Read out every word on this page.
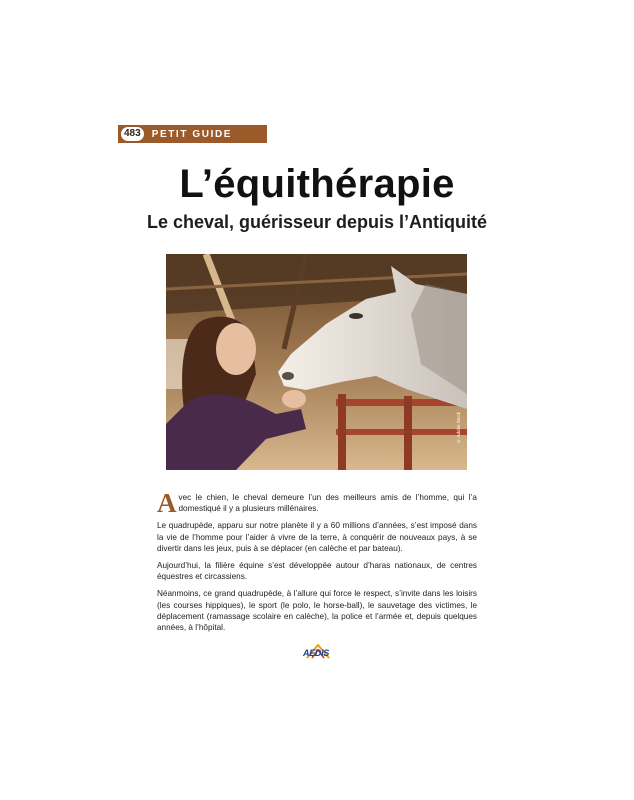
483	PETIT GUIDE
L’équithérapie
Le cheval, guérisseur depuis l’Antiquité
© Adobe Stock

Avec le chien, le cheval demeure l’un des meilleurs amis de l’homme, qui l’a domestiqué il y a plusieurs millénaires.

Le quadrupède, apparu sur notre planète il y a 60 millions d’années, s’est imposé dans la vie de l’homme pour l’aider à vivre de la terre, à conquérir de nouveaux pays, à se divertir dans les jeux, puis à se déplacer (en calèche et par bateau).

Aujourd’hui, la filière équine s’est développée autour d’haras nationaux, de centres équestres et circassiens.

Néanmoins, ce grand quadrupède, à l’allure qui force le respect, s’invite dans les loisirs (les courses hippiques), le sport (le polo, le horse-ball), le sauvetage des victimes, le déplacement (ramassage scolaire en calèche), la police et l’armée et, depuis quelques années, à l’hôpital.

AEDIS
